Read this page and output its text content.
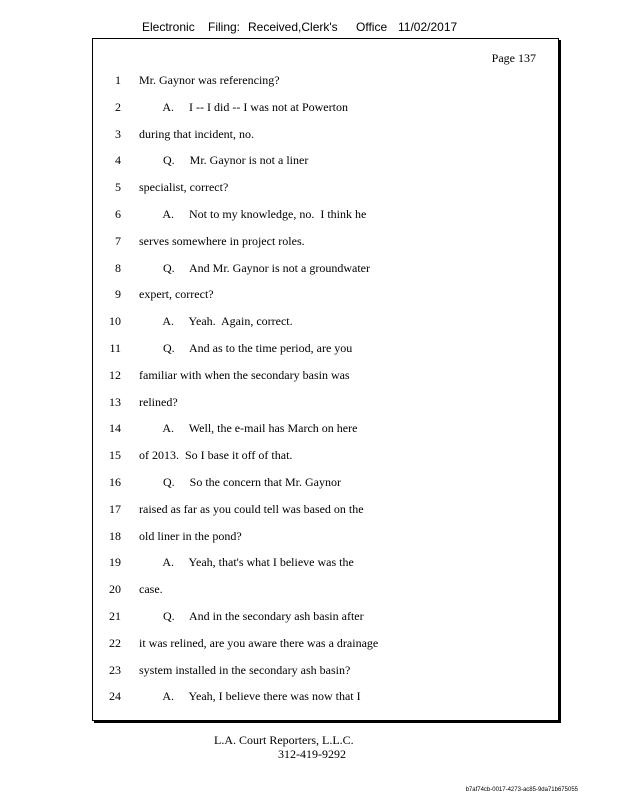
Electronic Filing: Received,Clerk's Office 11/02/2017
Page 137
1 Mr. Gaynor was referencing?
2 A.     I -- I did -- I was not at Powerton
3 during that incident, no.
4 Q.     Mr. Gaynor is not a liner
5 specialist, correct?
6 A.     Not to my knowledge, no.  I think he
7 serves somewhere in project roles.
8 Q.     And Mr. Gaynor is not a groundwater
9 expert, correct?
10 A.     Yeah.  Again, correct.
11 Q.     And as to the time period, are you
12 familiar with when the secondary basin was
13 relined?
14 A.     Well, the e-mail has March on here
15 of 2013.  So I base it off of that.
16 Q.     So the concern that Mr. Gaynor
17 raised as far as you could tell was based on the
18 old liner in the pond?
19 A.     Yeah, that's what I believe was the
20 case.
21 Q.     And in the secondary ash basin after
22 it was relined, are you aware there was a drainage
23 system installed in the secondary ash basin?
24 A.     Yeah, I believe there was now that I
L.A. Court Reporters, L.L.C.
312-419-9292
b7af74cb-0017-4273-ac85-9da71b675055
